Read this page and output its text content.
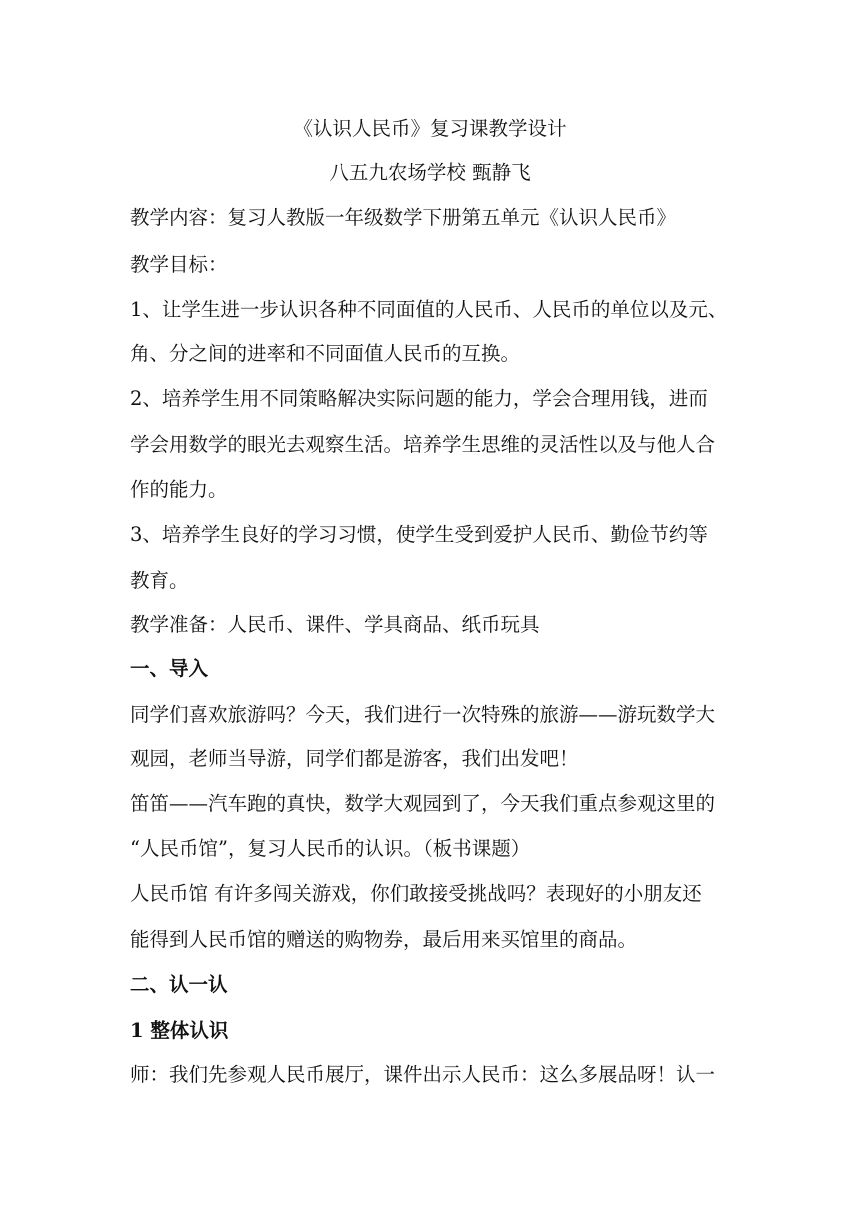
《认识人民币》复习课教学设计
八五九农场学校 甄静飞
教学内容：复习人教版一年级数学下册第五单元《认识人民币》
教学目标：
1、让学生进一步认识各种不同面值的人民币、人民币的单位以及元、
角、分之间的进率和不同面值人民币的互换。
2、培养学生用不同策略解决实际问题的能力，学会合理用钱，进而
学会用数学的眼光去观察生活。培养学生思维的灵活性以及与他人合
作的能力。
3、培养学生良好的学习习惯，使学生受到爱护人民币、勤俭节约等
教育。
教学准备：人民币、课件、学具商品、纸币玩具
一、导入
同学们喜欢旅游吗？今天，我们进行一次特殊的旅游——游玩数学大
观园，老师当导游，同学们都是游客，我们出发吧！
笛笛——汽车跑的真快，数学大观园到了，今天我们重点参观这里的
“人民币馆”，复习人民币的认识。（板书课题）
人民币馆 有许多闯关游戏，你们敢接受挑战吗？表现好的小朋友还
能得到人民币馆的赠送的购物券，最后用来买馆里的商品。
二、认一认
1 整体认识
师：我们先参观人民币展厅，课件出示人民币：这么多展品呀！认一
